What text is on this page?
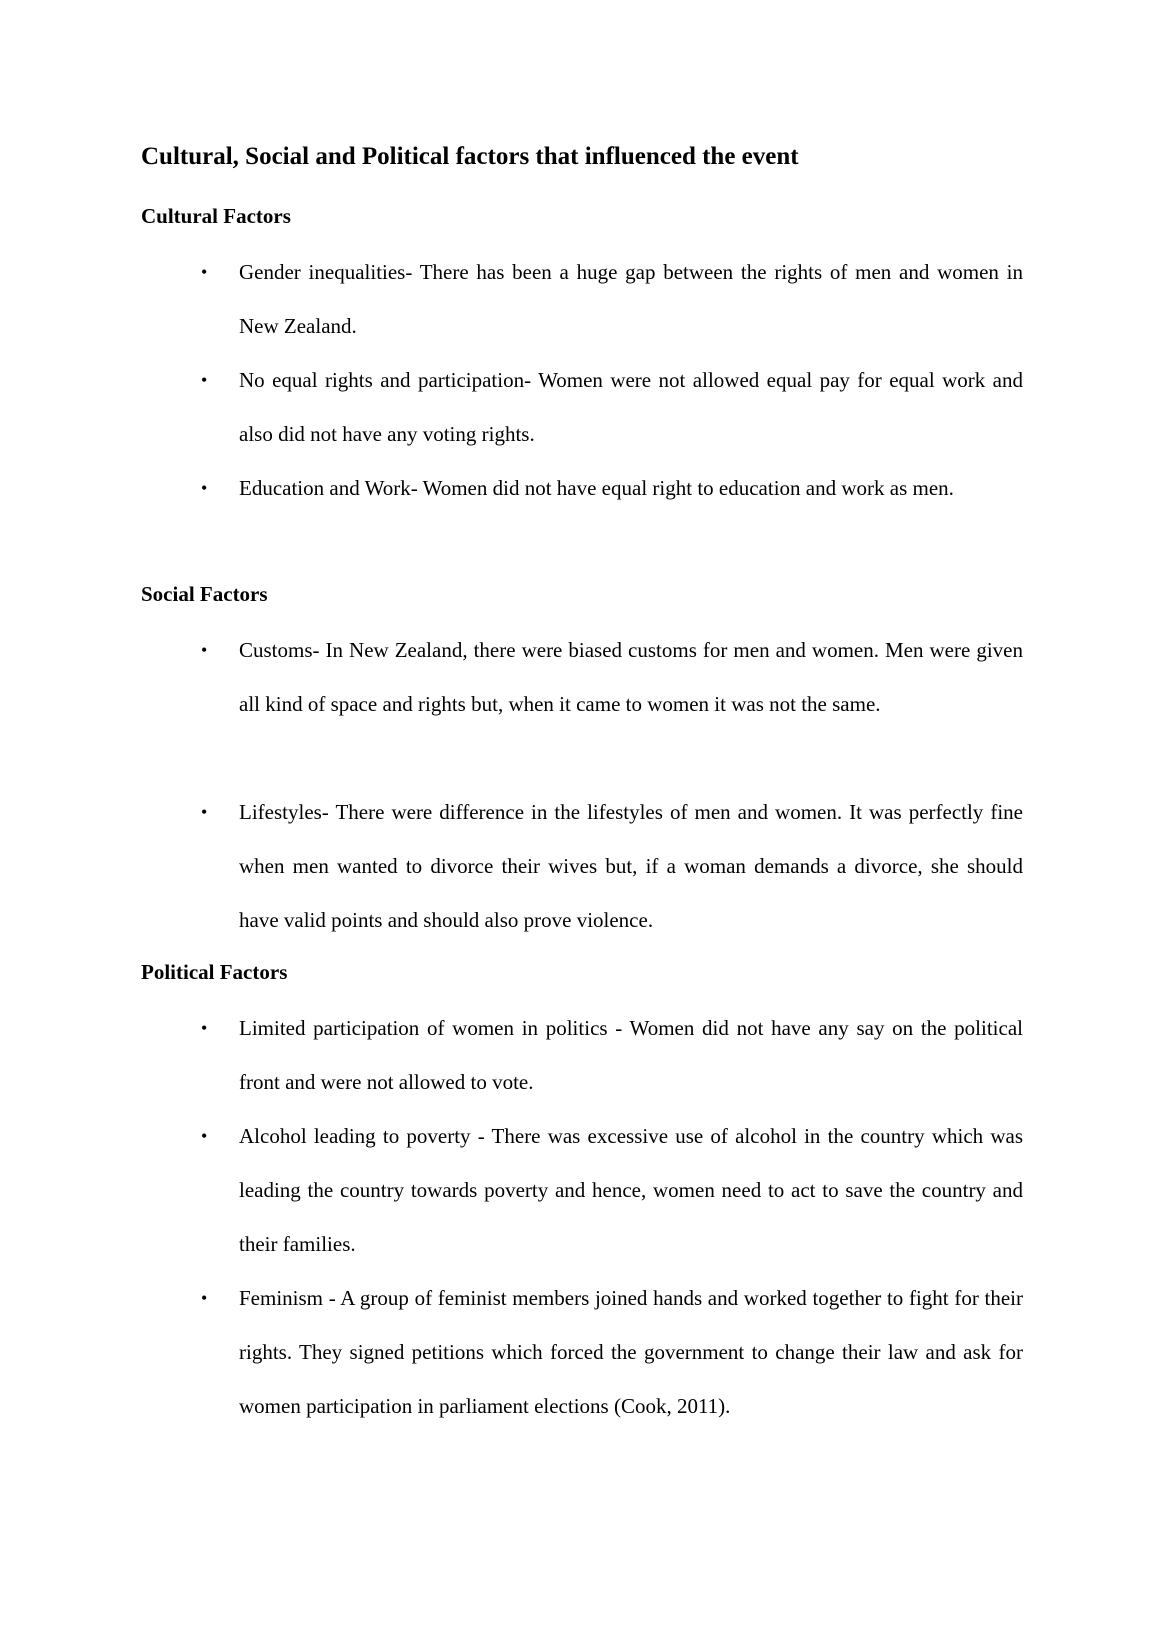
Cultural, Social and Political factors that influenced the event
Cultural Factors
•	Gender inequalities- There has been a huge gap between the rights of men and women in New Zealand.

•	No equal rights and participation- Women were not allowed equal pay for equal work and also did not have any voting rights.

•	Education and Work- Women did not have equal right to education and work as men.

Social Factors
•	Customs- In New Zealand, there were biased customs for men and women. Men were given all kind of space and rights but, when it came to women it was not the same.

•	Lifestyles- There were difference in the lifestyles of men and women. It was perfectly fine when men wanted to divorce their wives but, if a woman demands a divorce, she should have valid points and should also prove violence.

Political Factors
•	Limited participation of women in politics - Women did not have any say on the political front and were not allowed to vote.

•	Alcohol leading to poverty - There was excessive use of alcohol in the country which was leading the country towards poverty and hence, women need to act to save the country and their families.

•	Feminism - A group of feminist members joined hands and worked together to fight for their rights. They signed petitions which forced the government to change their law and ask for women participation in parliament elections (Cook, 2011).
